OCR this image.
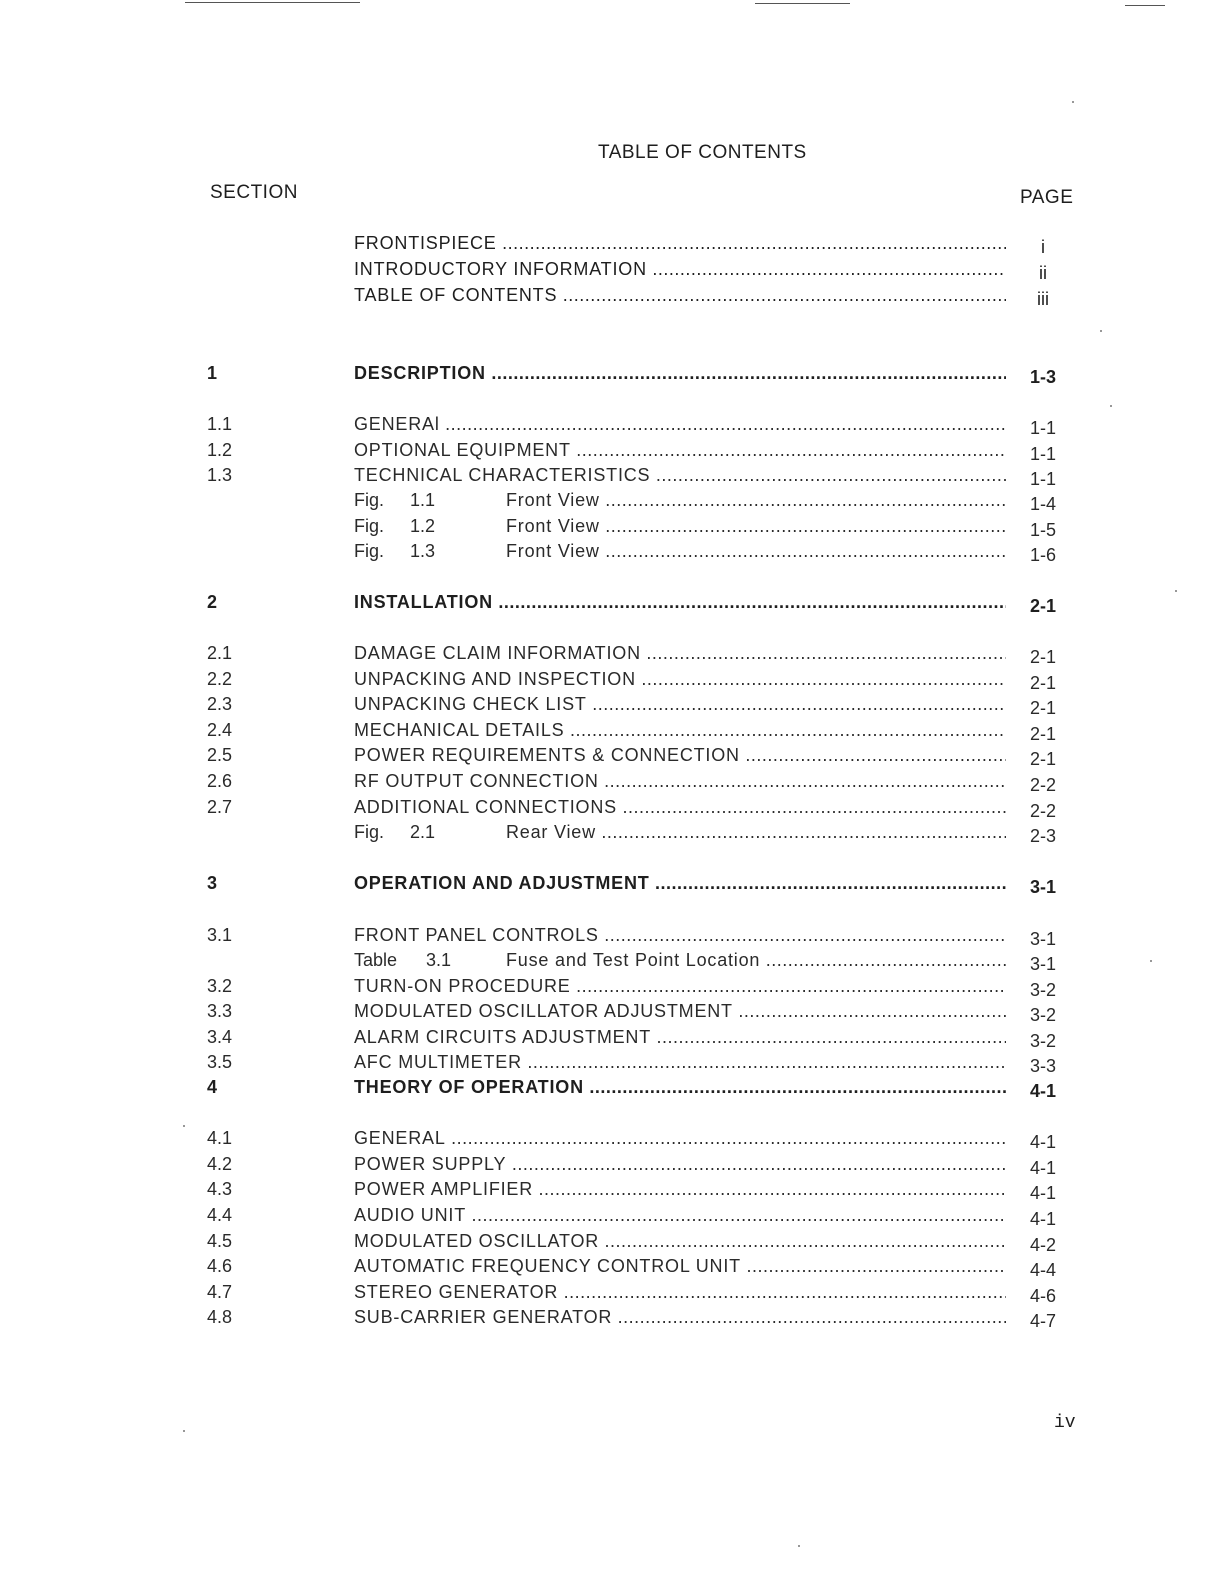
TABLE OF CONTENTS
SECTION	PAGE
FRONTISPIECE .....	i
INTRODUCTORY INFORMATION .....	ii
TABLE OF CONTENTS .....	iii
1	DESCRIPTION .....	1-3
1.1	GENERAl .....	1-1
1.2	OPTIONAL EQUIPMENT .....	1-1
1.3	TECHNICAL CHARACTERISTICS .....	1-1
Fig. 1.1	Front View .....	1-4
Fig. 1.2	Front View .....	1-5
Fig. 1.3	Front View .....	1-6
2	INSTALLATION .....	2-1
2.1	DAMAGE CLAIM INFORMATION .....	2-1
2.2	UNPACKING AND INSPECTION .....	2-1
2.3	UNPACKING CHECK LIST .....	2-1
2.4	MECHANICAL DETAILS .....	2-1
2.5	POWER REQUIREMENTS & CONNECTION .....	2-1
2.6	RF OUTPUT CONNECTION .....	2-2
2.7	ADDITIONAL CONNECTIONS .....	2-2
Fig. 2.1	Rear View .....	2-3
3	OPERATION AND ADJUSTMENT .....	3-1
3.1	FRONT PANEL CONTROLS .....	3-1
Table 3.1	Fuse and Test Point Location .....	3-1
3.2	TURN-ON PROCEDURE .....	3-2
3.3	MODULATED OSCILLATOR ADJUSTMENT .....	3-2
3.4	ALARM CIRCUITS ADJUSTMENT .....	3-2
3.5	AFC MULTIMETER .....	3-3
4	THEORY OF OPERATION .....	4-1
4.1	GENERAL .....	4-1
4.2	POWER SUPPLY .....	4-1
4.3	POWER AMPLIFIER .....	4-1
4.4	AUDIO UNIT .....	4-1
4.5	MODULATED OSCILLATOR .....	4-2
4.6	AUTOMATIC FREQUENCY CONTROL UNIT .....	4-4
4.7	STEREO GENERATOR .....	4-6
4.8	SUB-CARRIER GENERATOR .....	4-7
iv
